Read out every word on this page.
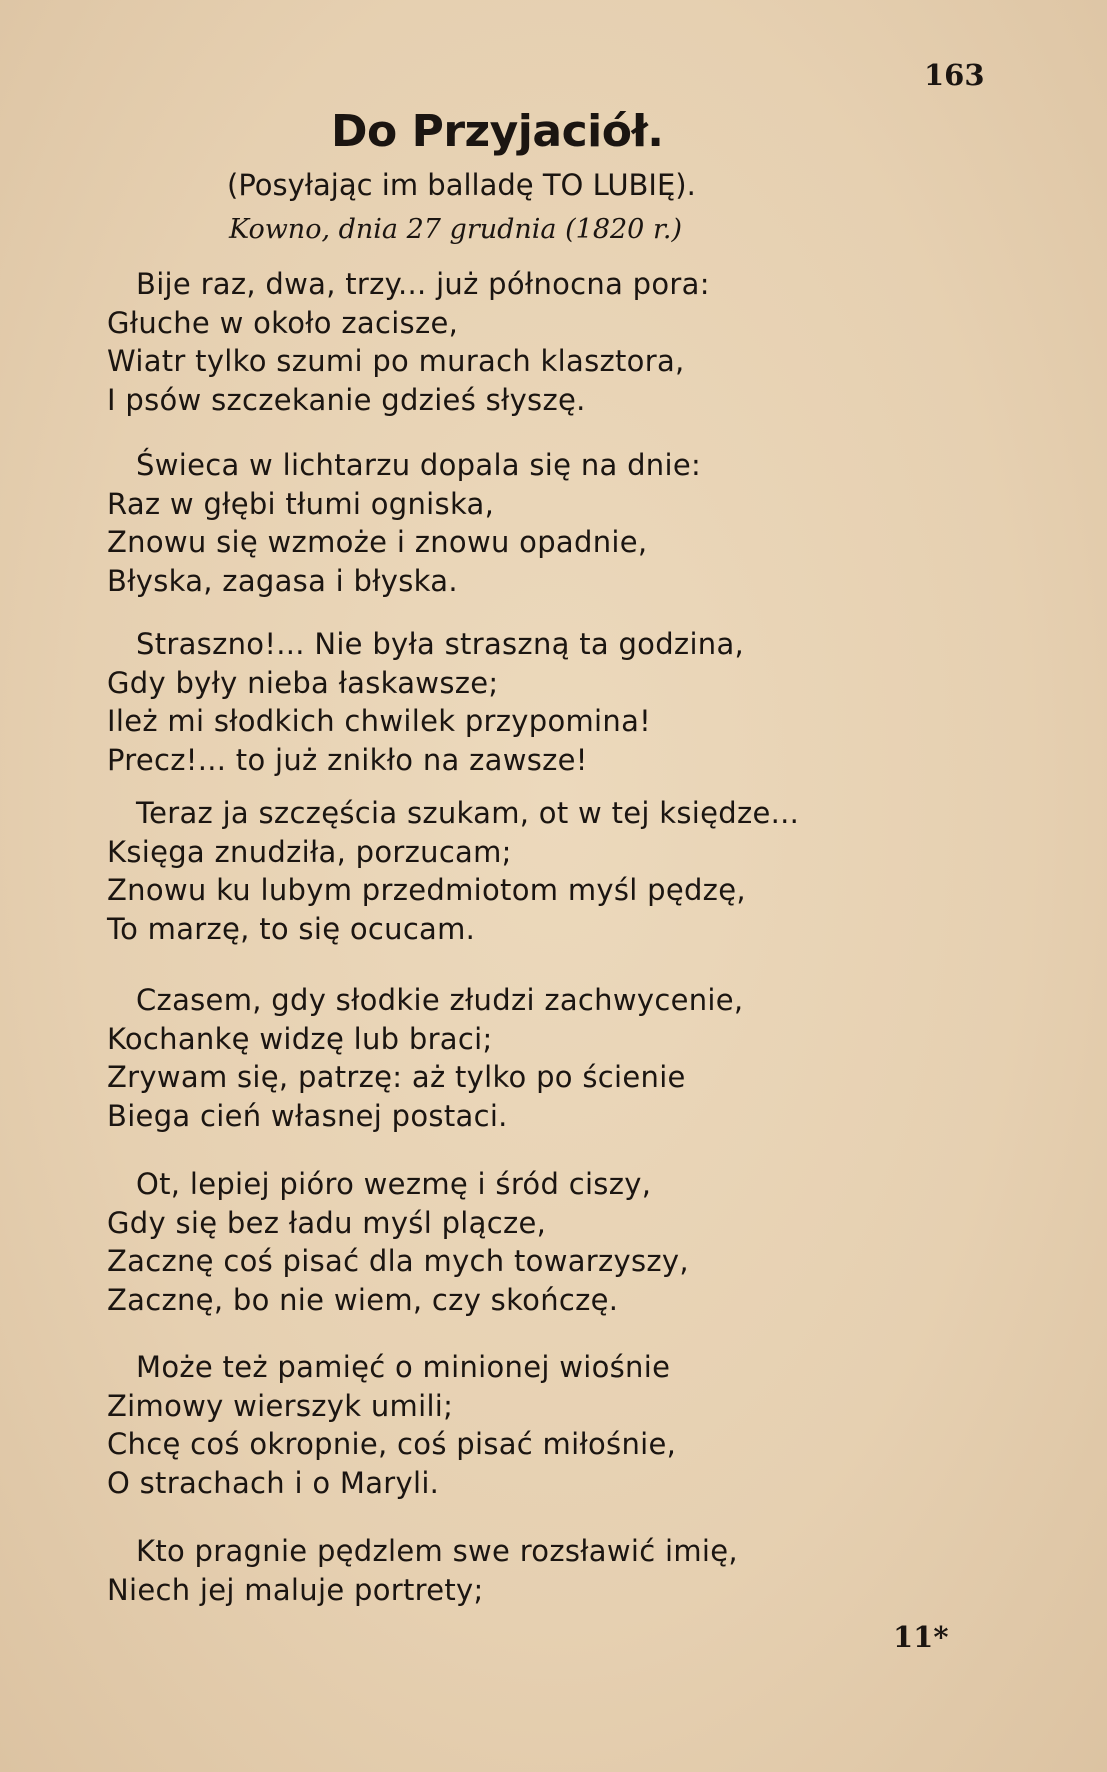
163
Do Przyjaciół.
(Posyłając im balladę TO LUBIĘ).
Kowno, dnia 27 grudnia (1820 r.)
Bije raz, dwa, trzy... już północna pora:
Głuche w około zacisze,
Wiatr tylko szumi po murach klasztora,
I psów szczekanie gdzieś słyszę.
Świeca w lichtarzu dopala się na dnie:
Raz w głębi tłumi ogniska,
Znowu się wzmoże i znowu opadnie,
Błyska, zagasa i błyska.
Straszno!... Nie była straszną ta godzina,
Gdy były nieba łaskawsze;
Ileż mi słodkich chwilek przypomina!
Precz!... to już znikło na zawsze!
Teraz ja szczęścia szukam, ot w tej księdze...
Księga znudziła, porzucam;
Znowu ku lubym przedmiotom myśl pędzę,
To marzę, to się ocucam.
Czasem, gdy słodkie złudzi zachwycenie,
Kochankę widzę lub braci;
Zrywam się, patrzę: aż tylko po ścienie
Biega cień własnej postaci.
Ot, lepiej pióro wezmę i śród ciszy,
Gdy się bez ładu myśl plącze,
Zacznę coś pisać dla mych towarzyszy,
Zacznę, bo nie wiem, czy skończę.
Może też pamięć o minionej wiośnie
Zimowy wierszyk umili;
Chcę coś okropnie, coś pisać miłośnie,
O strachach i o Maryli.
Kto pragnie pędzlem swe rozsławić imię,
Niech jej maluje portrety;
11*
